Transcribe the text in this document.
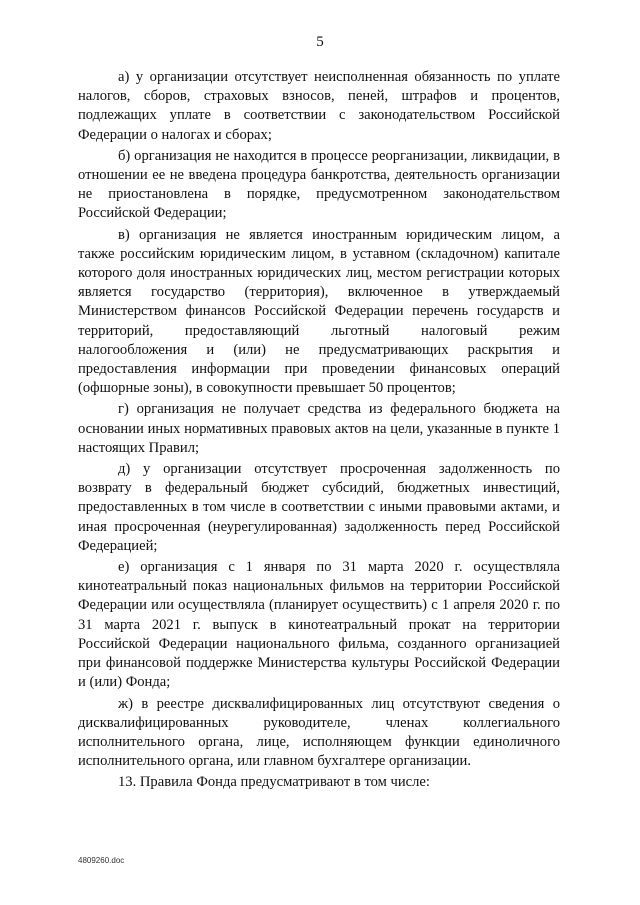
5

а) у организации отсутствует неисполненная обязанность по уплате налогов, сборов, страховых взносов, пеней, штрафов и процентов, подлежащих уплате в соответствии с законодательством Российской Федерации о налогах и сборах;

б) организация не находится в процессе реорганизации, ликвидации, в отношении ее не введена процедура банкротства, деятельность организации не приостановлена в порядке, предусмотренном законодательством Российской Федерации;

в) организация не является иностранным юридическим лицом, а также российским юридическим лицом, в уставном (складочном) капитале которого доля иностранных юридических лиц, местом регистрации которых является государство (территория), включенное в утверждаемый Министерством финансов Российской Федерации перечень государств и территорий, предоставляющий льготный налоговый режим налогообложения и (или) не предусматривающих раскрытия и предоставления информации при проведении финансовых операций (офшорные зоны), в совокупности превышает 50 процентов;

г) организация не получает средства из федерального бюджета на основании иных нормативных правовых актов на цели, указанные в пункте 1 настоящих Правил;

д) у организации отсутствует просроченная задолженность по возврату в федеральный бюджет субсидий, бюджетных инвестиций, предоставленных в том числе в соответствии с иными правовыми актами, и иная просроченная (неурегулированная) задолженность перед Российской Федерацией;

е) организация с 1 января по 31 марта 2020 г. осуществляла кинотеатральный показ национальных фильмов на территории Российской Федерации или осуществляла (планирует осуществить) с 1 апреля 2020 г. по 31 марта 2021 г. выпуск в кинотеатральный прокат на территории Российской Федерации национального фильма, созданного организацией при финансовой поддержке Министерства культуры Российской Федерации и (или) Фонда;

ж) в реестре дисквалифицированных лиц отсутствуют сведения о дисквалифицированных руководителе, членах коллегиального исполнительного органа, лице, исполняющем функции единоличного исполнительного органа, или главном бухгалтере организации.

13. Правила Фонда предусматривают в том числе:

4809260.doc
